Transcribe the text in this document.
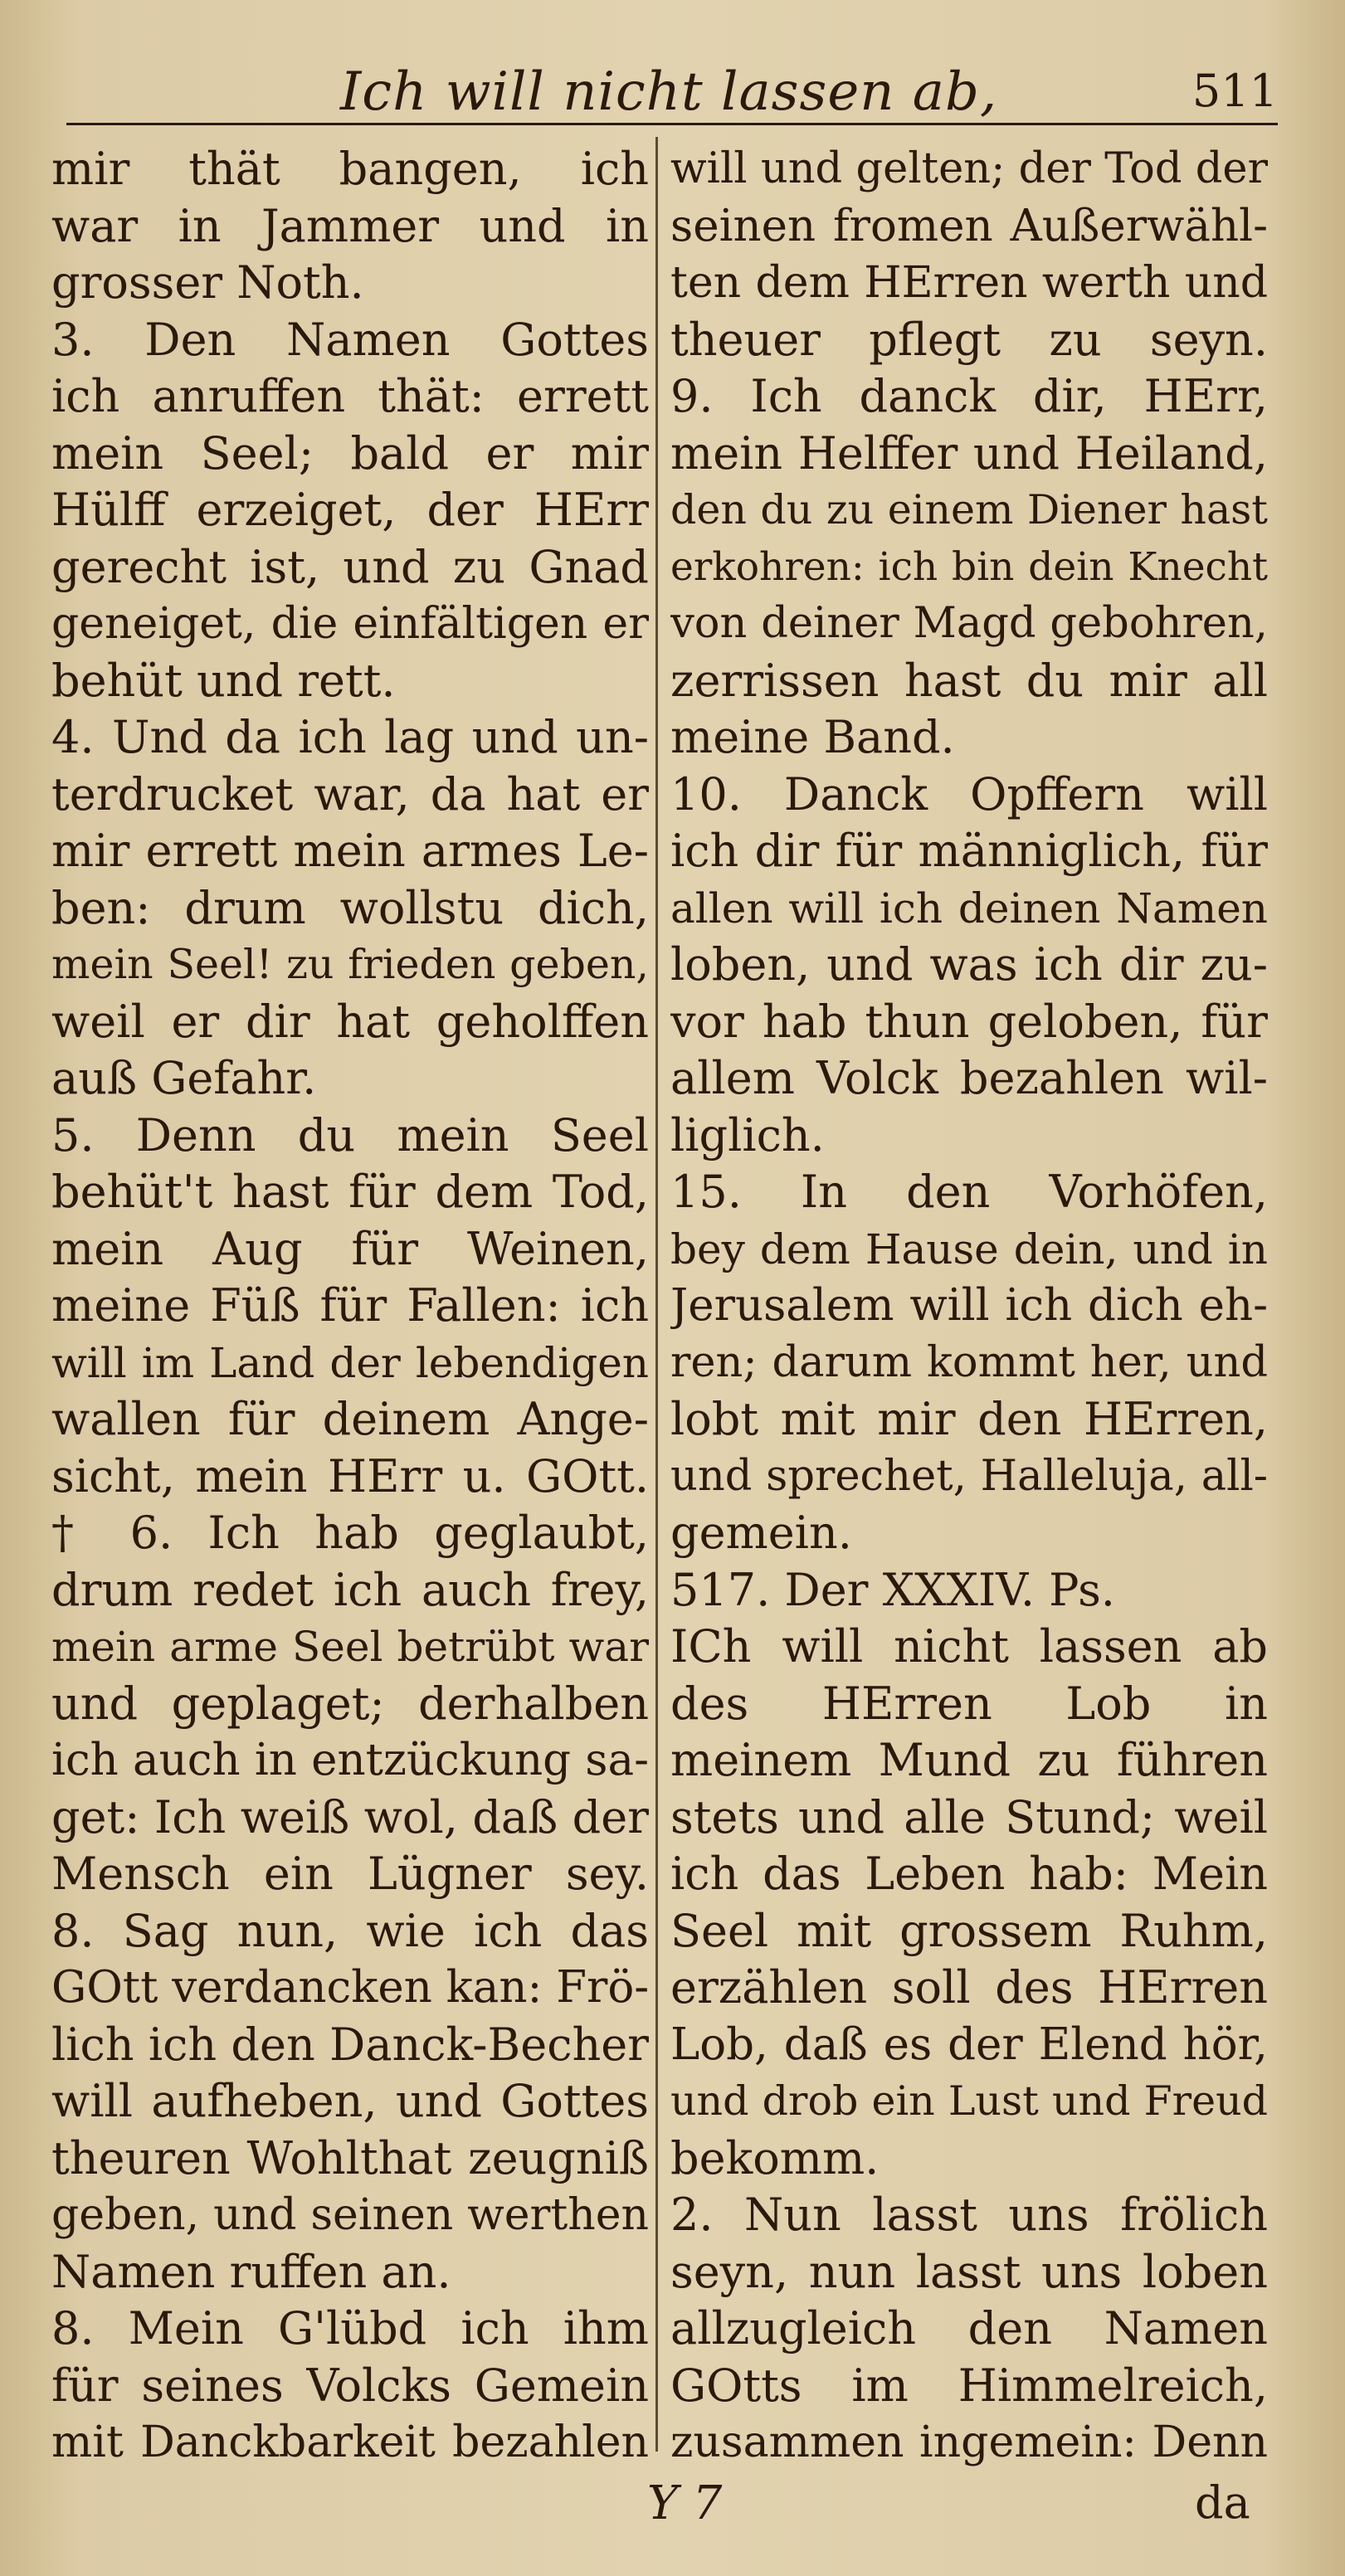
Ich will nicht lassen ab,	511
mir thät bangen, ich
war in Jammer und in
grosser Noth.
3. Den Namen Gottes
ich anruffen thät: errett
mein Seel; bald er mir
Hülff erzeiget, der HErr
gerecht ist, und zu Gnad
geneiget, die einfältigen er
behüt und rett.
4. Und da ich lag und un-
terdrucket war, da hat er
mir errett mein armes Le-
ben: drum wollstu dich,
mein Seel! zu frieden geben,
weil er dir hat geholffen
auß Gefahr.
5. Denn du mein Seel
behüt't hast für dem Tod,
mein Aug für Weinen,
meine Füß für Fallen: ich
will im Land der lebendigen
wallen für deinem Ange-
sicht, mein HErr u. GOtt.
† 6. Ich hab geglaubt,
drum redet ich auch frey,
mein arme Seel betrübt war
und geplaget; derhalben
ich auch in entzückung sa-
get: Ich weiß wol, daß der
Mensch ein Lügner sey.
8. Sag nun, wie ich das
GOtt verdancken kan: Frö-
lich ich den Danck-Becher
will aufheben, und Gottes
theuren Wohlthat zeugniß
geben, und seinen werthen
Namen ruffen an.
8. Mein G'lübd ich ihm
für seines Volcks Gemein
mit Danckbarkeit bezahlen
will und gelten; der Tod der
seinen fromen Außerwähl-
ten dem HErren werth und
theuer pflegt zu seyn.
9. Ich danck dir, HErr,
mein Helffer und Heiland,
den du zu einem Diener hast
erkohren: ich bin dein Knecht
von deiner Magd gebohren,
zerrissen hast du mir all
meine Band.
10. Danck Opffern will
ich dir für männiglich, für
allen will ich deinen Namen
loben, und was ich dir zu-
vor hab thun geloben, für
allem Volck bezahlen wil-
liglich.
15. In den Vorhöfen,
bey dem Hause dein, und in
Jerusalem will ich dich eh-
ren; darum kommt her, und
lobt mit mir den HErren,
und sprechet, Halleluja, all-
gemein.
517. Der XXXIV. Ps.
ICh will nicht lassen ab
des HErren Lob in
meinem Mund zu führen
stets und alle Stund; weil
ich das Leben hab: Mein
Seel mit grossem Ruhm,
erzählen soll des HErren
Lob, daß es der Elend hör,
und drob ein Lust und Freud
bekomm.
2. Nun lasst uns frölich
seyn, nun lasst uns loben
allzugleich den Namen
GOtts im Himmelreich,
zusammen ingemein: Denn
Y 7	da
